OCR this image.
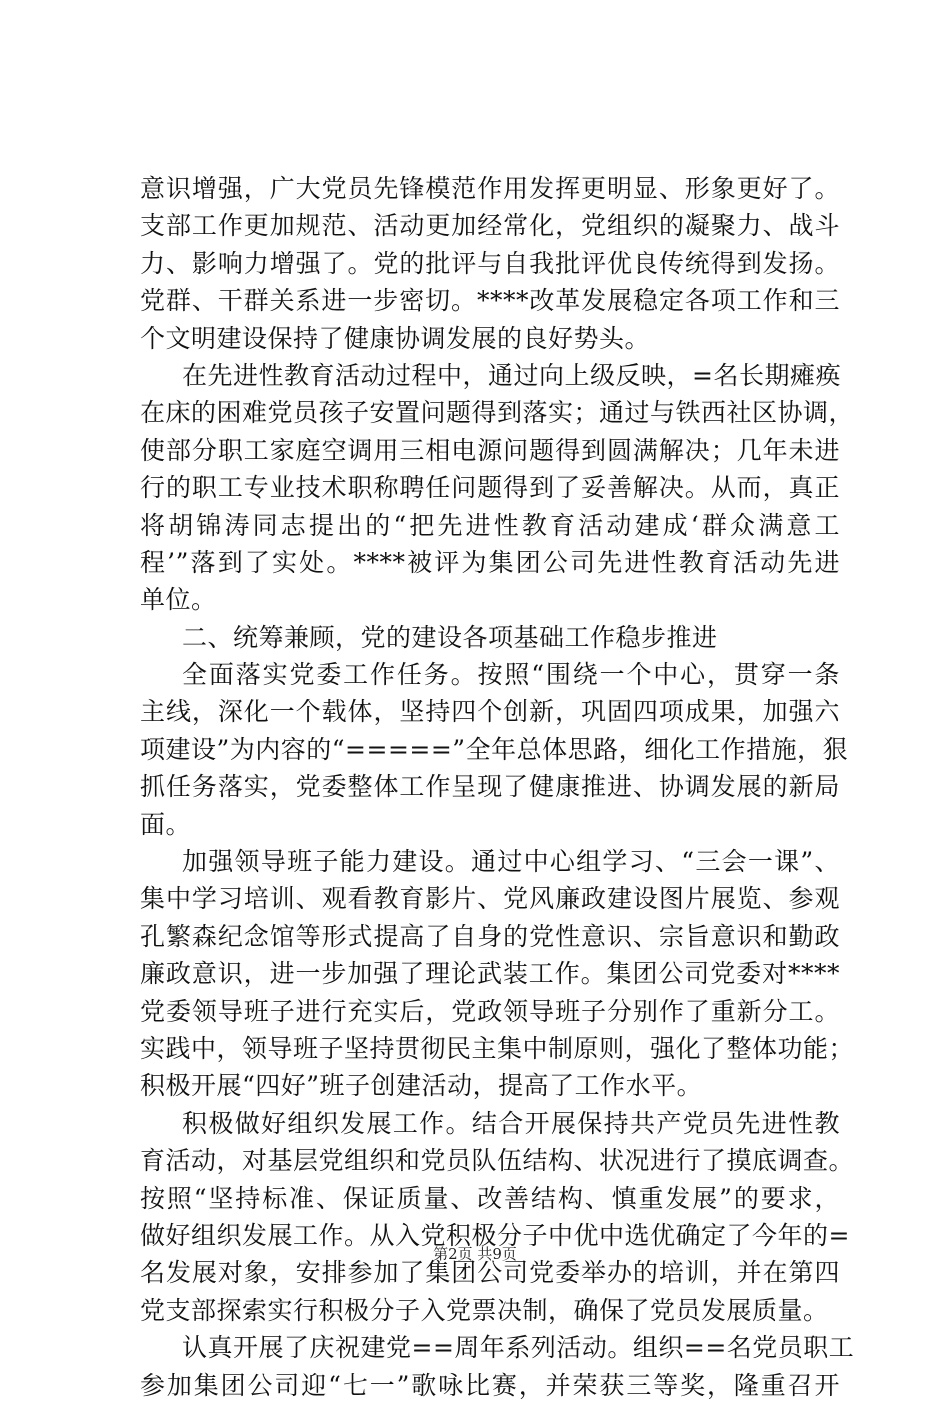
意识增强，广大党员先锋模范作用发挥更明显、形象更好了。
支部工作更加规范、活动更加经常化，党组织的凝聚力、战斗
力、影响力增强了。党的批评与自我批评优良传统得到发扬。
党群、干群关系进一步密切。****改革发展稳定各项工作和三
个文明建设保持了健康协调发展的良好势头。
在先进性教育活动过程中，通过向上级反映，=名长期瘫痪
在床的困难党员孩子安置问题得到落实；通过与铁西社区协调，
使部分职工家庭空调用三相电源问题得到圆满解决；几年未进
行的职工专业技术职称聘任问题得到了妥善解决。从而，真正
将胡锦涛同志提出的“把先进性教育活动建成‘群众满意工
程’”落到了实处。****被评为集团公司先进性教育活动先进
单位。
二、统筹兼顾，党的建设各项基础工作稳步推进
全面落实党委工作任务。按照“围绕一个中心，贯穿一条
主线，深化一个载体，坚持四个创新，巩固四项成果，加强六
项建设”为内容的“=====”全年总体思路，细化工作措施，狠
抓任务落实，党委整体工作呈现了健康推进、协调发展的新局
面。
加强领导班子能力建设。通过中心组学习、“三会一课”、
集中学习培训、观看教育影片、党风廉政建设图片展览、参观
孔繁森纪念馆等形式提高了自身的党性意识、宗旨意识和勤政
廉政意识，进一步加强了理论武装工作。集团公司党委对****
党委领导班子进行充实后，党政领导班子分别作了重新分工。
实践中，领导班子坚持贯彻民主集中制原则，强化了整体功能；
积极开展“四好”班子创建活动，提高了工作水平。
积极做好组织发展工作。结合开展保持共产党员先进性教
育活动，对基层党组织和党员队伍结构、状况进行了摸底调查。
按照“坚持标准、保证质量、改善结构、慎重发展”的要求，
做好组织发展工作。从入党积极分子中优中选优确定了今年的=
名发展对象，安排参加了集团公司党委举办的培训，并在第四
党支部探索实行积极分子入党票决制，确保了党员发展质量。
认真开展了庆祝建党==周年系列活动。组织==名党员职工
参加集团公司迎“七一”歌咏比赛，并荣获三等奖，隆重召开
第2页 共9页
